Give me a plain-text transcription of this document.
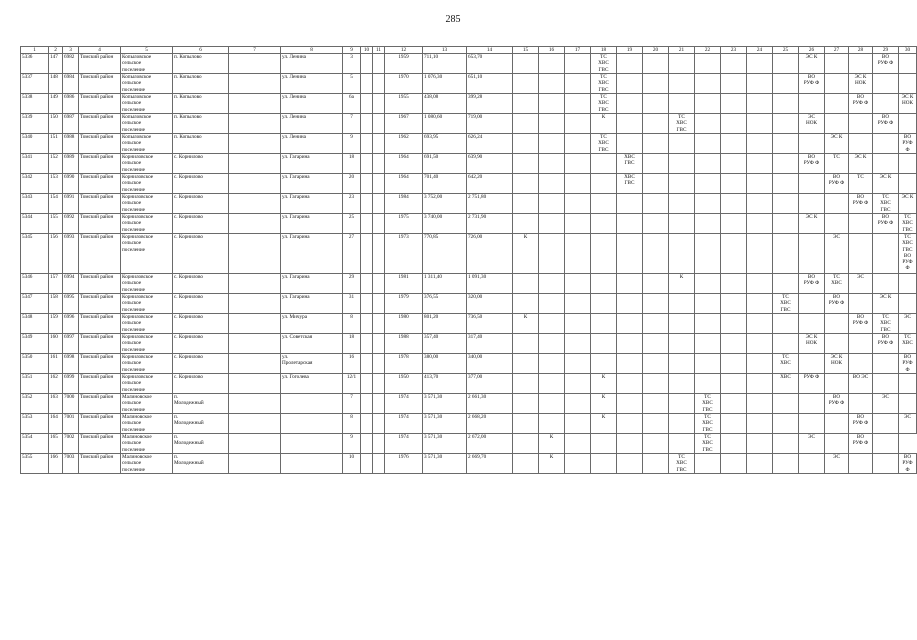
285
1	2	3	4	5	6	7	8	9	10	11	12	13	14	15	16	17	18	19	20	21	22	23	24	25	26	27	28	29	30
5336	147	6982	Томский район	Копыловское
сельское
поселение	п. Копылово		ул. Ленина	3			1959	711,10	653,70				ТС
ХВС
ГВС								ЭС К			ВО
РУФ Ф	
5337	148	6984	Томский район	Копыловское
сельское
поселение	п. Копылово		ул. Ленина	5			1970	1 076,30	651,10				ТС
ХВС
ГВС								ВО
РУФ Ф		ЭС К
НОК		
5338	149	6986	Томский район	Копыловское
сельское
поселение	п. Копылово		ул. Ленина	6а			1955	438,08	399,28				ТС
ХВС
ГВС										ВО
РУФ Ф		ЭС К
НОК
5339	150	6987	Томский район	Копыловское
сельское
поселение	п. Копылово		ул. Ленина	7			1967	1 080,60	719,00				К			ТС
ХВС
ГВС					ЭС
НОК			ВО
РУФ Ф	
5340	151	6988	Томский район	Копыловское
сельское
поселение	п. Копылово		ул. Ленина	9			1962	693,95	626,24				ТС
ХВС
ГВС									ЭС К			ВО
РУФ Ф
5341	152	6989	Томский район	Корниловское
сельское
поселение	с. Корнилово		ул. Гагарина	18			1964	691,50	639,90					ХВС
ГВС							ВО
РУФ Ф	ТС	ЭС К		
5342	153	6990	Томский район	Корниловское
сельское
поселение	с. Корнилово		ул. Гагарина	20			1964	701,40	642,20					ХВС
ГВС								ВО
РУФ Ф	ТС	ЭС К	
5343	154	6991	Томский район	Корниловское
сельское
поселение	с. Корнилово		ул. Гагарина	23			1984	3 752,00	2 751,80														ВО
РУФ Ф	ТС
ХВС
ГВС	ЭС К
5344	155	6992	Томский район	Корниловское
сельское
поселение	с. Корнилово		ул. Гагарина	25			1975	3 740,00	2 731,90												ЭС К			ВО
РУФ Ф	ТС
ХВС
ГВС
5345	156	6993	Томский район	Корниловское
сельское
поселение	с. Корнилово		ул. Гагарина	27			1973	770,85	726,00	К												ЭС			ТС
ХВС
ГВС
ВО
РУФ Ф
5346	157	6994	Томский район	Корниловское
сельское
поселение	с. Корнилово		ул. Гагарина	29			1981	1 311,40	1 091,30							К					ВО
РУФ Ф	ТС
ХВС	ЭС		
5347	158	6995	Томский район	Корниловское
сельское
поселение	с. Корнилово		ул. Гагарина	31			1979	376,55	320,00											ТС
ХВС
ГВС		ВО
РУФ Ф		ЭС К	
5348	159	6996	Томский район	Корниловское
сельское
поселение	с. Корнилово		ул. Мичура	8			1980	801,20	736,50	К													ВО
РУФ Ф	ТС
ХВС
ГВС	ЭС
5349	160	6997	Томский район	Корниловское
сельское
поселение	с. Корнилово		ул. Советская	18			1988	357,40	317,40												ЭС К
НОК			ВО
РУФ Ф	ТС
ХВС
5350	161	6998	Томский район	Корниловское
сельское
поселение	с. Корнилово		ул.
Пролетарская	16			1978	380,00	340,00											ТС
ХВС		ЭС К
НОК			ВО
РУФ Ф
5351	162	6999	Томский район	Корниловское
сельское
поселение	с. Корнилово		ул. Гоголева	12/1			1950	413,70	377,00				К							ХВС	РУФ Ф		ВО ЭС		
5352	163	7000	Томский район	Малиновское
сельское
поселение	п.
Молодежный			7			1974	3 571,30	2 661,30				К				ТС
ХВС
ГВС					ВО
РУФ Ф		ЭС	
5353	164	7001	Томский район	Малиновское
сельское
поселение	п.
Молодежный			8			1974	3 571,30	2 668,20				К				ТС
ХВС
ГВС						ВО
РУФ Ф		ЭС
5354	165	7002	Томский район	Малиновское
сельское
поселение	п.
Молодежный			9			1974	3 571,30	2 672,00		К						ТС
ХВС
ГВС				ЭС		ВО
РУФ Ф		
5355	166	7003	Томский район	Малиновское
сельское
поселение	п.
Молодежный			10			1976	3 571,30	2 669,70		К					ТС
ХВС
ГВС						ЭС			ВО
РУФ Ф
